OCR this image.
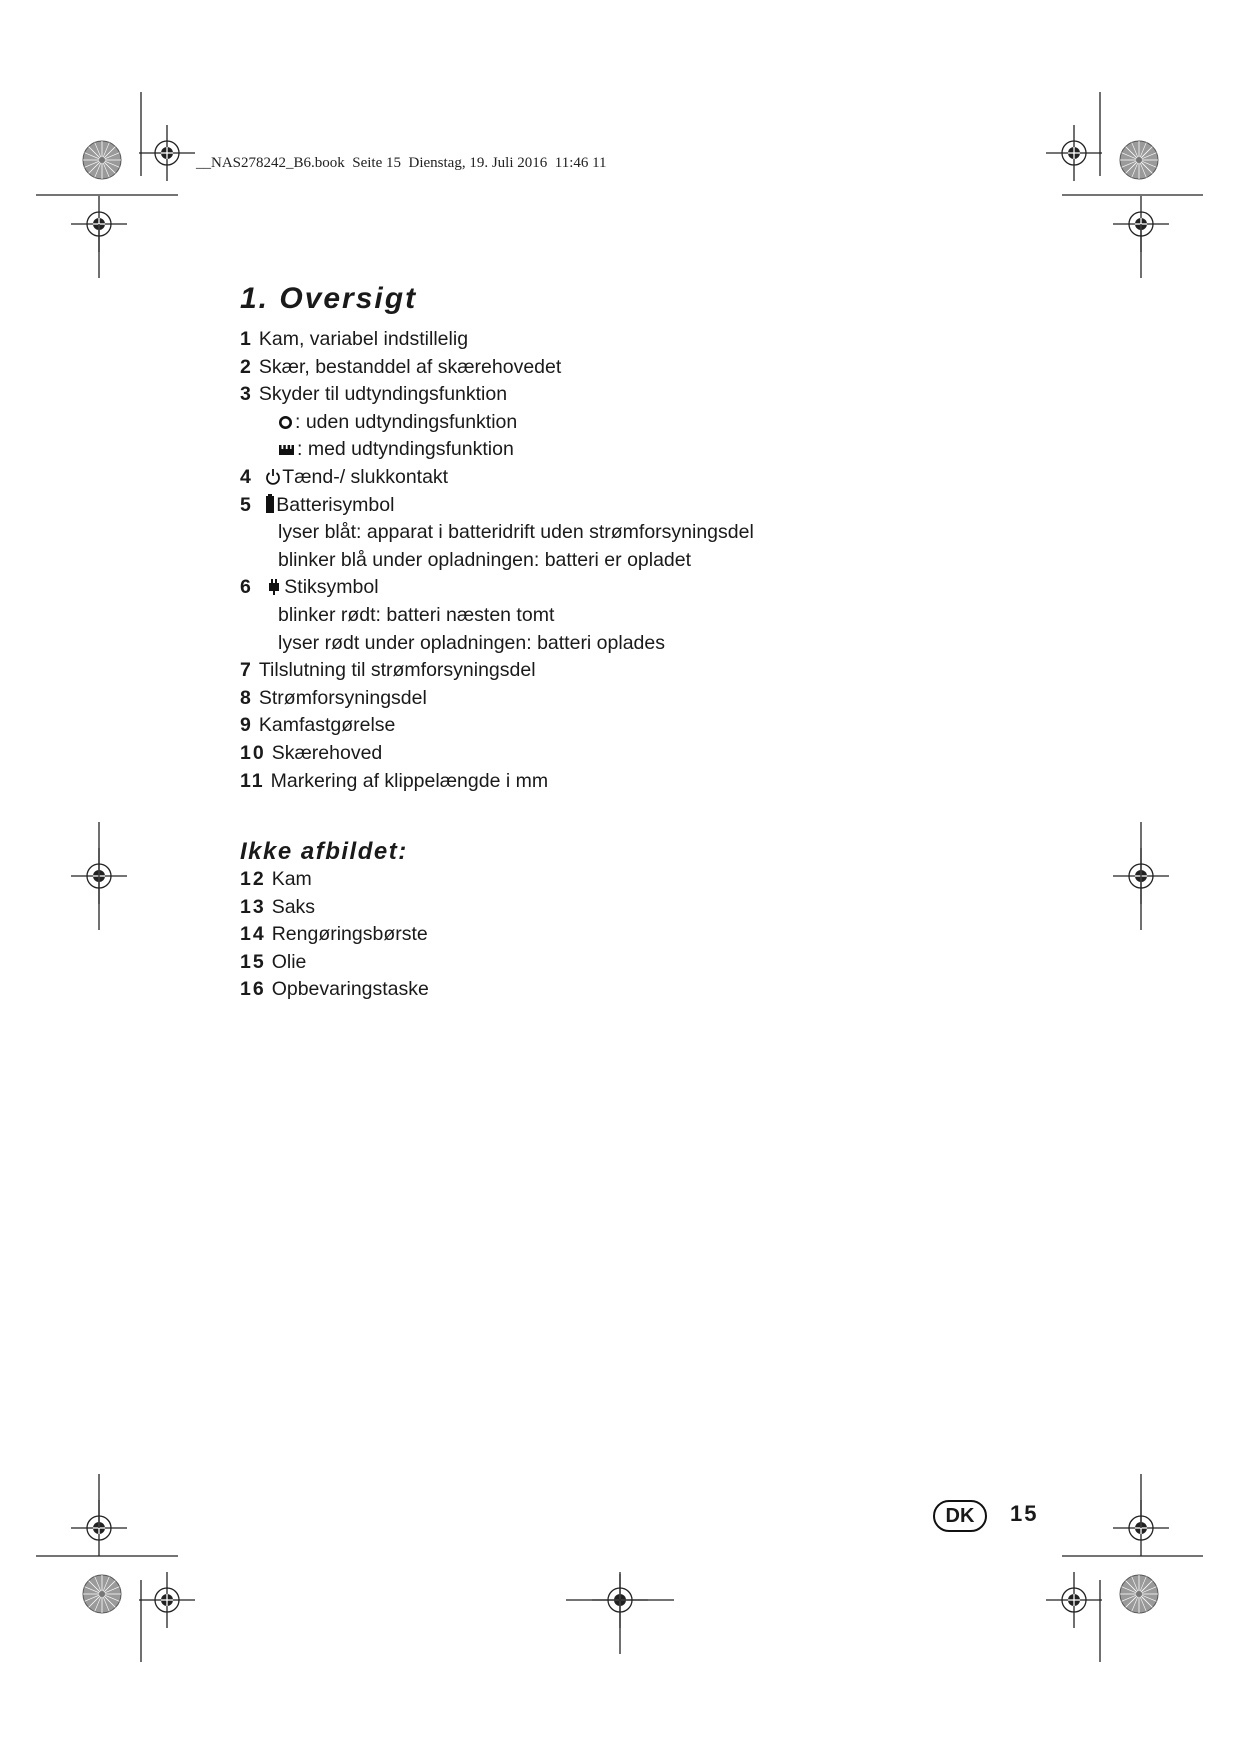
__NAS278242_B6.book  Seite 15  Dienstag, 19. Juli 2016  11:46 11
1. Oversigt
1 Kam, variabel indstillelig
2 Skær, bestanddel af skærehovedet
3 Skyder til udtyndingsfunktion
: uden udtyndingsfunktion
: med udtyndingsfunktion
4 Tænd-/ slukkontakt
5 Batterisymbol
lyser blåt: apparat i batteridrift uden strømforsyningsdel
blinker blå under opladningen: batteri er opladet
6 Stiksymbol
blinker rødt: batteri næsten tomt
lyser rødt under opladningen: batteri oplades
7 Tilslutning til strømforsyningsdel
8 Strømforsyningsdel
9 Kamfastgørelse
10 Skærehoved
11 Markering af klippelængde i mm
Ikke afbildet:
12 Kam
13 Saks
14 Rengøringsbørste
15 Olie
16 Opbevaringstaske
DK	15
